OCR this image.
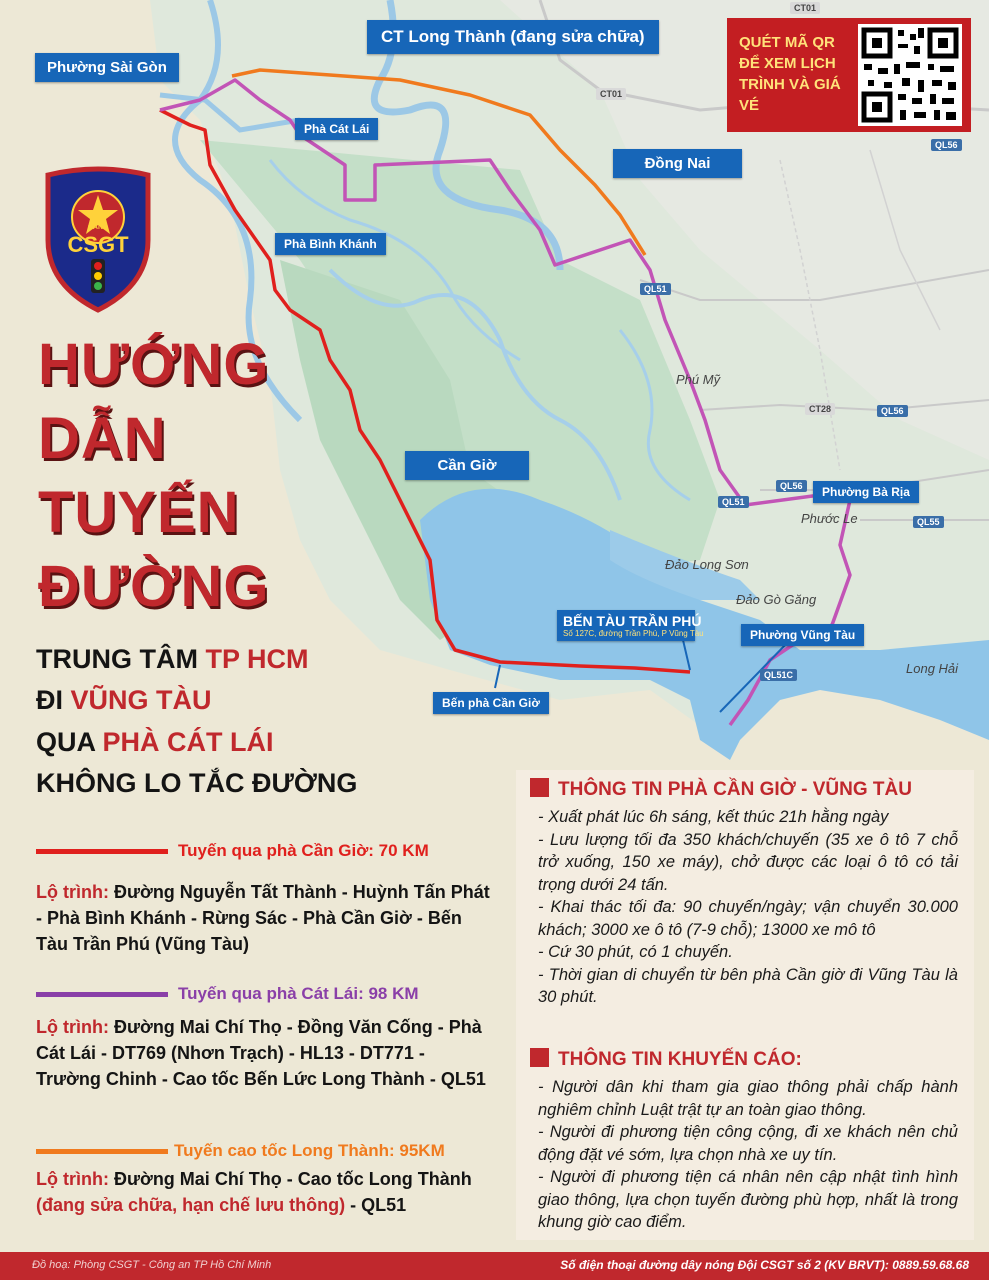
Phường Sài Gòn
CT Long Thành (đang sửa chữa)
Phà Cát Lái
Phà Bình Khánh
Đồng Nai
Cần Giờ
Phường Bà Rịa
Phường Vũng Tàu
Bến phà Cần Giờ
BẾN TÀU TRẦN PHÚ
Số 127C, đường Trần Phú, P Vũng Tàu
Phú Mỹ
Phước Le
Đảo Long Sơn
Đảo Gò Găng
Long Hải
CT01
CT01
QL56
QL51
CT28	QL56
QL56
QL51
QL55
QL51C
QUÉT MÃ QR ĐỂ XEM LỊCH TRÌNH VÀ GIÁ VÉ
CSGT
CAND
HƯỚNG
DẪN
TUYẾN
ĐƯỜNG
TRUNG TÂM TP HCM
ĐI VŨNG TÀU
QUA PHÀ CÁT LÁI
KHÔNG LO TẮC ĐƯỜNG
Tuyến qua phà Cần Giờ: 70 KM
Lộ trình: Đường Nguyễn Tất Thành - Huỳnh Tấn Phát - Phà Bình Khánh - Rừng Sác - Phà Cần Giờ - Bến Tàu Trần Phú (Vũng Tàu)
Tuyến qua phà Cát Lái: 98 KM
Lộ trình: Đường Mai Chí Thọ - Đồng Văn Cống - Phà Cát Lái - DT769 (Nhơn Trạch) - HL13 - DT771 - Trường Chinh - Cao tốc Bến Lức Long Thành - QL51
Tuyến cao tốc Long Thành: 95KM
Lộ trình: Đường Mai Chí Thọ - Cao tốc Long Thành (đang sửa chữa, hạn chế lưu thông) - QL51
THÔNG TIN PHÀ CẦN GIỜ - VŨNG TÀU
- Xuất phát lúc 6h sáng, kết thúc 21h hằng ngày
- Lưu lượng tối đa 350 khách/chuyến (35 xe ô tô 7 chỗ trở xuống, 150 xe máy), chở được các loại ô tô có tải trọng dưới 24 tấn.
- Khai thác tối đa: 90 chuyến/ngày; vận chuyển 30.000 khách; 3000 xe ô tô (7-9 chỗ); 13000 xe mô tô
- Cứ 30 phút, có 1 chuyến.
- Thời gian di chuyển từ bên phà Cần giờ đi Vũng Tàu là 30 phút.
THÔNG TIN KHUYẾN CÁO:
- Người dân khi tham gia giao thông phải chấp hành nghiêm chỉnh Luật trật tự an toàn giao thông.
- Người đi phương tiện công cộng, đi xe khách nên chủ động đặt vé sớm, lựa chọn nhà xe uy tín.
- Người đi phương tiện cá nhân nên cập nhật tình hình giao thông, lựa chọn tuyến đường phù hợp, nhất là trong khung giờ cao điểm.
Đồ hoạ: Phòng CSGT - Công an TP Hồ Chí Minh	Số điện thoại đường dây nóng Đội CSGT số 2 (KV BRVT): 0889.59.68.68
